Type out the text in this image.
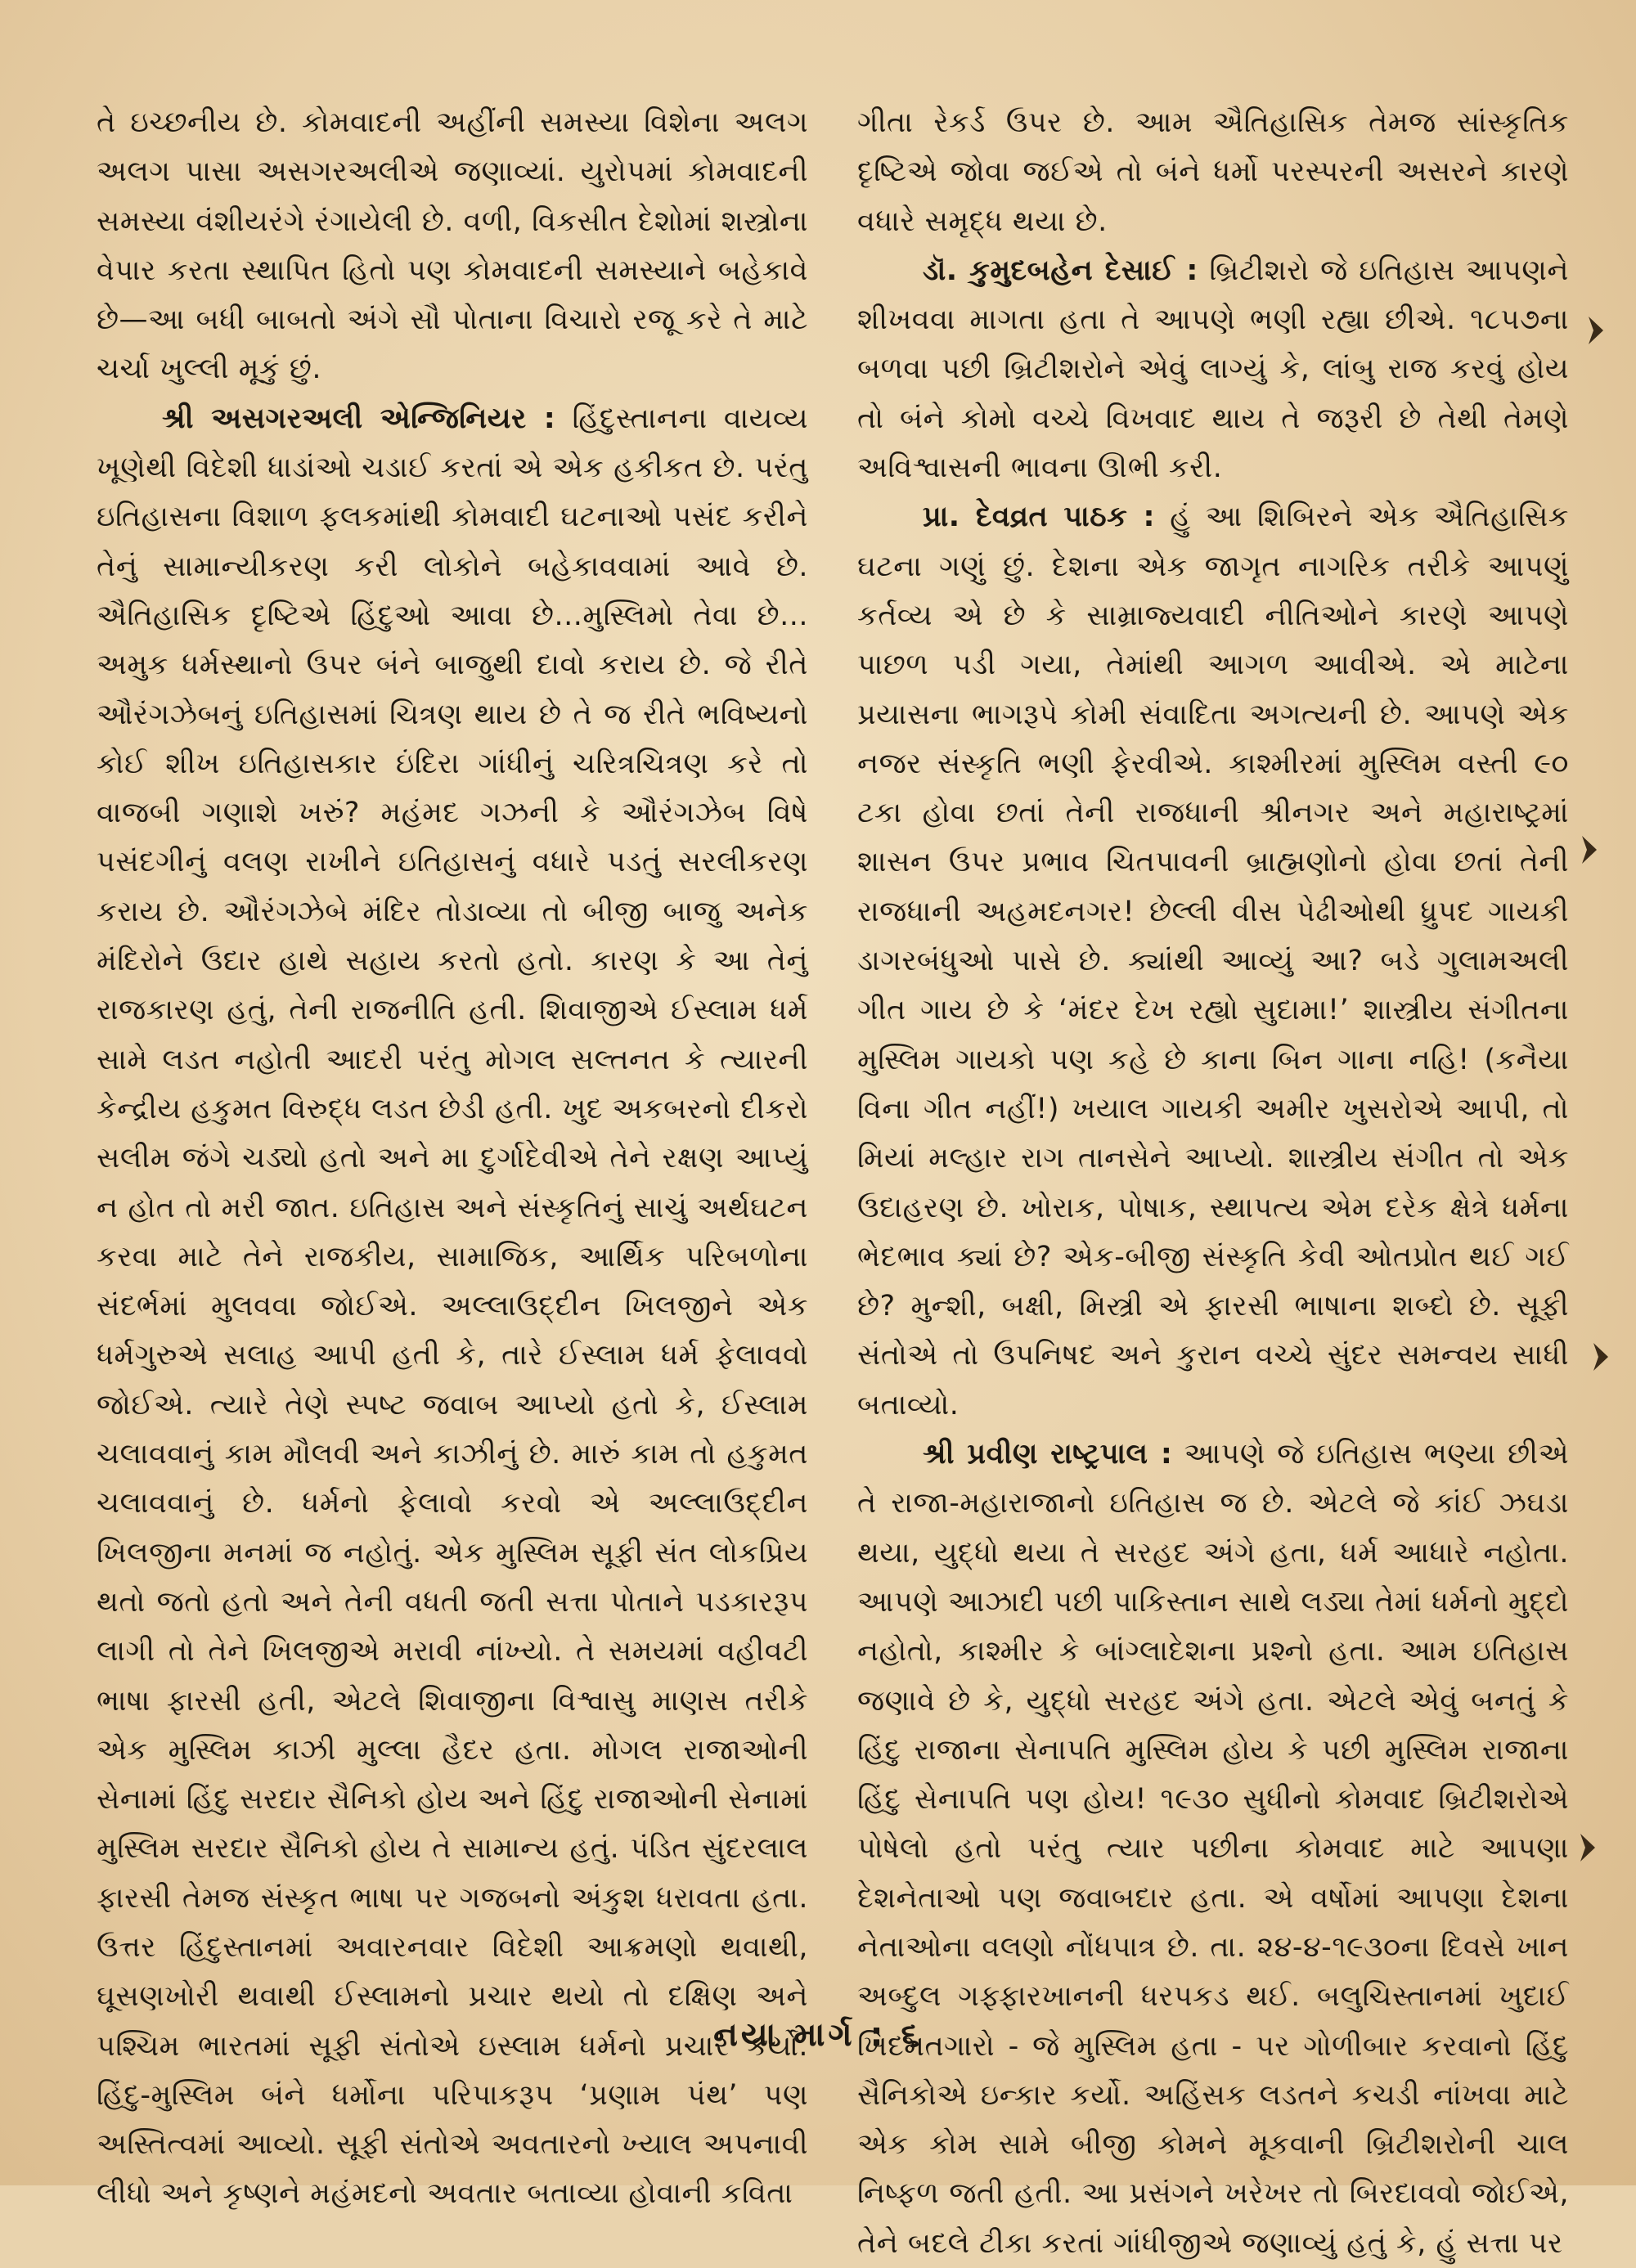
તે ઇચ્છનીય છે. કોમવાદની અહીંની સમસ્યા વિશેના અલગ અલગ પાસા અસગરઅલીએ જણાવ્યાં. યુરોપમાં કોમવાદની સમસ્યા વંશીયરંગે રંગાયેલી છે. વળી, વિકસીત દેશોમાં શસ્ત્રોના વેપાર કરતા સ્થાપિત હિતો પણ કોમવાદની સમસ્યાને બહેકાવે છે—આ બધી બાબતો અંગે સૌ પોતાના વિચારો રજૂ કરે તે માટે ચર્ચા ખુલ્લી મૂકું છું.

શ્રી અસગરઅલી એન્જિનિયર : હિંદુસ્તાનના વાયવ્ય ખૂણેથી વિદેશી ધાડાંઓ ચડાઈ કરતાં એ એક હકીકત છે. પરંતુ ઇતિહાસના વિશાળ ફલકમાંથી કોમવાદી ઘટનાઓ પસંદ કરીને તેનું સામાન્યીકરણ કરી લોકોને બહેકાવવામાં આવે છે. ઐતિહાસિક દૃષ્ટિએ હિંદુઓ આવા છે...મુસ્લિમો તેવા છે... અમુક ધર્મસ્થાનો ઉપર બંને બાજુથી દાવો કરાય છે. જે રીતે ઔરંગઝેબનું ઇતિહાસમાં ચિત્રણ થાય છે તે જ રીતે ભવિષ્યનો કોઈ શીખ ઇતિહાસકાર ઇંદિરા ગાંધીનું ચરિત્રચિત્રણ કરે તો વાજબી ગણાશે ખરું? મહંમદ ગઝની કે ઔરંગઝેબ વિષે પસંદગીનું વલણ રાખીને ઇતિહાસનું વધારે પડતું સરલીકરણ કરાય છે. ઔરંગઝેબે મંદિર તોડાવ્યા તો બીજી બાજુ અનેક મંદિરોને ઉદાર હાથે સહાય કરતો હતો. કારણ કે આ તેનું રાજકારણ હતું, તેની રાજનીતિ હતી. શિવાજીએ ઈસ્લામ ધર્મ સામે લડત નહોતી આદરી પરંતુ મોગલ સલ્તનત કે ત્યારની કેન્દ્રીય હકુમત વિરુદ્ધ લડત છેડી હતી. ખુદ અકબરનો દીકરો સલીમ જંગે ચડ્યો હતો અને મા દુર્ગાદેવીએ તેને રક્ષણ આપ્યું ન હોત તો મરી જાત. ઇતિહાસ અને સંસ્કૃતિનું સાચું અર્થઘટન કરવા માટે તેને રાજકીય, સામાજિક, આર્થિક પરિબળોના સંદર્ભમાં મુલવવા જોઈએ. અલ્લાઉદ્દીન ખિલજીને એક ધર્મગુરુએ સલાહ આપી હતી કે, તારે ઈસ્લામ ધર્મ ફેલાવવો જોઈએ. ત્યારે તેણે સ્પષ્ટ જવાબ આપ્યો હતો કે, ઈસ્લામ ચલાવવાનું કામ મૌલવી અને કાઝીનું છે. મારું કામ તો હકુમત ચલાવવાનું છે. ધર્મનો ફેલાવો કરવો એ અલ્લાઉદ્દીન ખિલજીના મનમાં જ નહોતું. એક મુસ્લિમ સૂફી સંત લોકપ્રિય થતો જતો હતો અને તેની વધતી જતી સત્તા પોતાને પડકારરૂપ લાગી તો તેને ખિલજીએ મરાવી નાંખ્યો. તે સમયમાં વહીવટી ભાષા ફારસી હતી, એટલે શિવાજીના વિશ્વાસુ માણસ તરીકે એક મુસ્લિમ કાઝી મુલ્લા હૈદર હતા. મોગલ રાજાઓની સેનામાં હિંદુ સરદાર સૈનિકો હોય અને હિંદુ રાજાઓની સેનામાં મુસ્લિમ સરદાર સૈનિકો હોય તે સામાન્ય હતું. પંડિત સુંદરલાલ ફારસી તેમજ સંસ્કૃત ભાષા પર ગજબનો અંકુશ ધરાવતા હતા. ઉત્તર હિંદુસ્તાનમાં અવારનવાર વિદેશી આક્રમણો થવાથી, ઘૂસણખોરી થવાથી ઈસ્લામનો પ્રચાર થયો તો દક્ષિણ અને પશ્ચિમ ભારતમાં સૂફી સંતોએ ઇસ્લામ ધર્મનો પ્રચાર કર્યો. હિંદુ-મુસ્લિમ બંને ધર્મોના પરિપાકરૂપ ‘પ્રણામ પંથ’ પણ અસ્તિત્વમાં આવ્યો. સૂફી સંતોએ અવતારનો ખ્યાલ અપનાવી લીધો અને કૃષ્ણને મહંમદનો અવતાર બતાવ્યા હોવાની કવિતા

ગીતા રેકર્ડ ઉપર છે. આમ ઐતિહાસિક તેમજ સાંસ્કૃતિક દૃષ્ટિએ જોવા જઈએ તો બંને ધર્મો પરસ્પરની અસરને કારણે વધારે સમૃદ્ધ થયા છે.

ડૉ. કુમુદબહેન દેસાઈ : બ્રિટીશરો જે ઇતિહાસ આપણને શીખવવા માગતા હતા તે આપણે ભણી રહ્યા છીએ. ૧૮૫૭ના બળવા પછી બ્રિટીશરોને એવું લાગ્યું કે, લાંબુ રાજ કરવું હોય તો બંને કોમો વચ્ચે વિખવાદ થાય તે જરૂરી છે તેથી તેમણે અવિશ્વાસની ભાવના ઊભી કરી.

પ્રા. દેવવ્રત પાઠક : હું આ શિબિરને એક ઐતિહાસિક ઘટના ગણું છું. દેશના એક જાગૃત નાગરિક તરીકે આપણું કર્તવ્ય એ છે કે સામ્રાજ્યવાદી નીતિઓને કારણે આપણે પાછળ પડી ગયા, તેમાંથી આગળ આવીએ. એ માટેના પ્રયાસના ભાગરૂપે કોમી સંવાદિતા અગત્યની છે. આપણે એક નજર સંસ્કૃતિ ભણી ફેરવીએ. કાશ્મીરમાં મુસ્લિમ વસ્તી ૯૦ ટકા હોવા છતાં તેની રાજધાની શ્રીનગર અને મહારાષ્ટ્રમાં શાસન ઉપર પ્રભાવ ચિતપાવની બ્રાહ્મણોનો હોવા છતાં તેની રાજધાની અહમદનગર! છેલ્લી વીસ પેઢીઓથી ધ્રુપદ ગાયકી ડાગરબંધુઓ પાસે છે. ક્યાંથી આવ્યું આ? બડે ગુલામઅલી ગીત ગાય છે કે ‘મંદર દેખ રહ્યો સુદામા!’ શાસ્ત્રીય સંગીતના મુસ્લિમ ગાયકો પણ કહે છે કાના બિન ગાના નહિ! (કનૈયા વિના ગીત નહીં!) ખયાલ ગાયકી અમીર ખુસરોએ આપી, તો મિયાં મલ્હાર રાગ તાનસેને આપ્યો. શાસ્ત્રીય સંગીત તો એક ઉદાહરણ છે. ખોરાક, પોષાક, સ્થાપત્ય એમ દરેક ક્ષેત્રે ધર્મના ભેદભાવ ક્યાં છે? એક-બીજી સંસ્કૃતિ કેવી ઓતપ્રોત થઈ ગઈ છે? મુન્શી, બક્ષી, મિસ્ત્રી એ ફારસી ભાષાના શબ્દો છે. સૂફી સંતોએ તો ઉપનિષદ અને કુરાન વચ્ચે સુંદર સમન્વય સાધી બતાવ્યો.

શ્રી પ્રવીણ રાષ્ટ્રપાલ : આપણે જે ઇતિહાસ ભણ્યા છીએ તે રાજા-મહારાજાનો ઇતિહાસ જ છે. એટલે જે કાંઈ ઝઘડા થયા, યુદ્ધો થયા તે સરહદ અંગે હતા, ધર્મ આધારે નહોતા. આપણે આઝાદી પછી પાકિસ્તાન સાથે લડ્યા તેમાં ધર્મનો મુદ્દો નહોતો, કાશ્મીર કે બાંગ્લાદેશના પ્રશ્નો હતા. આમ ઇતિહાસ જણાવે છે કે, યુદ્ધો સરહદ અંગે હતા. એટલે એવું બનતું કે હિંદુ રાજાના સેનાપતિ મુસ્લિમ હોય કે પછી મુસ્લિમ રાજાના હિંદુ સેનાપતિ પણ હોય! ૧૯૩૦ સુધીનો કોમવાદ બ્રિટીશરોએ પોષેલો હતો પરંતુ ત્યાર પછીના કોમવાદ માટે આપણા દેશનેતાઓ પણ જવાબદાર હતા. એ વર્ષોમાં આપણા દેશના નેતાઓના વલણો નોંધપાત્ર છે. તા. ૨૪-૪-૧૯૩૦ના દિવસે ખાન અબ્દુલ ગફ્ફારખાનની ધરપકડ થઈ. બલુચિસ્તાનમાં ખુદાઈ ખિદમતગારો - જે મુસ્લિમ હતા - પર ગોળીબાર કરવાનો હિંદુ સૈનિકોએ ઇન્કાર કર્યો. અહિંસક લડતને કચડી નાંખવા માટે એક કોમ સામે બીજી કોમને મૂકવાની બ્રિટીશરોની ચાલ નિષ્ફળ જતી હતી. આ પ્રસંગને ખરેખર તો બિરદાવવો જોઈએ, તેને બદલે ટીકા કરતાં ગાંધીજીએ જણાવ્યું હતું કે, હું સત્તા પર

નયા માર્ગ : ૬
